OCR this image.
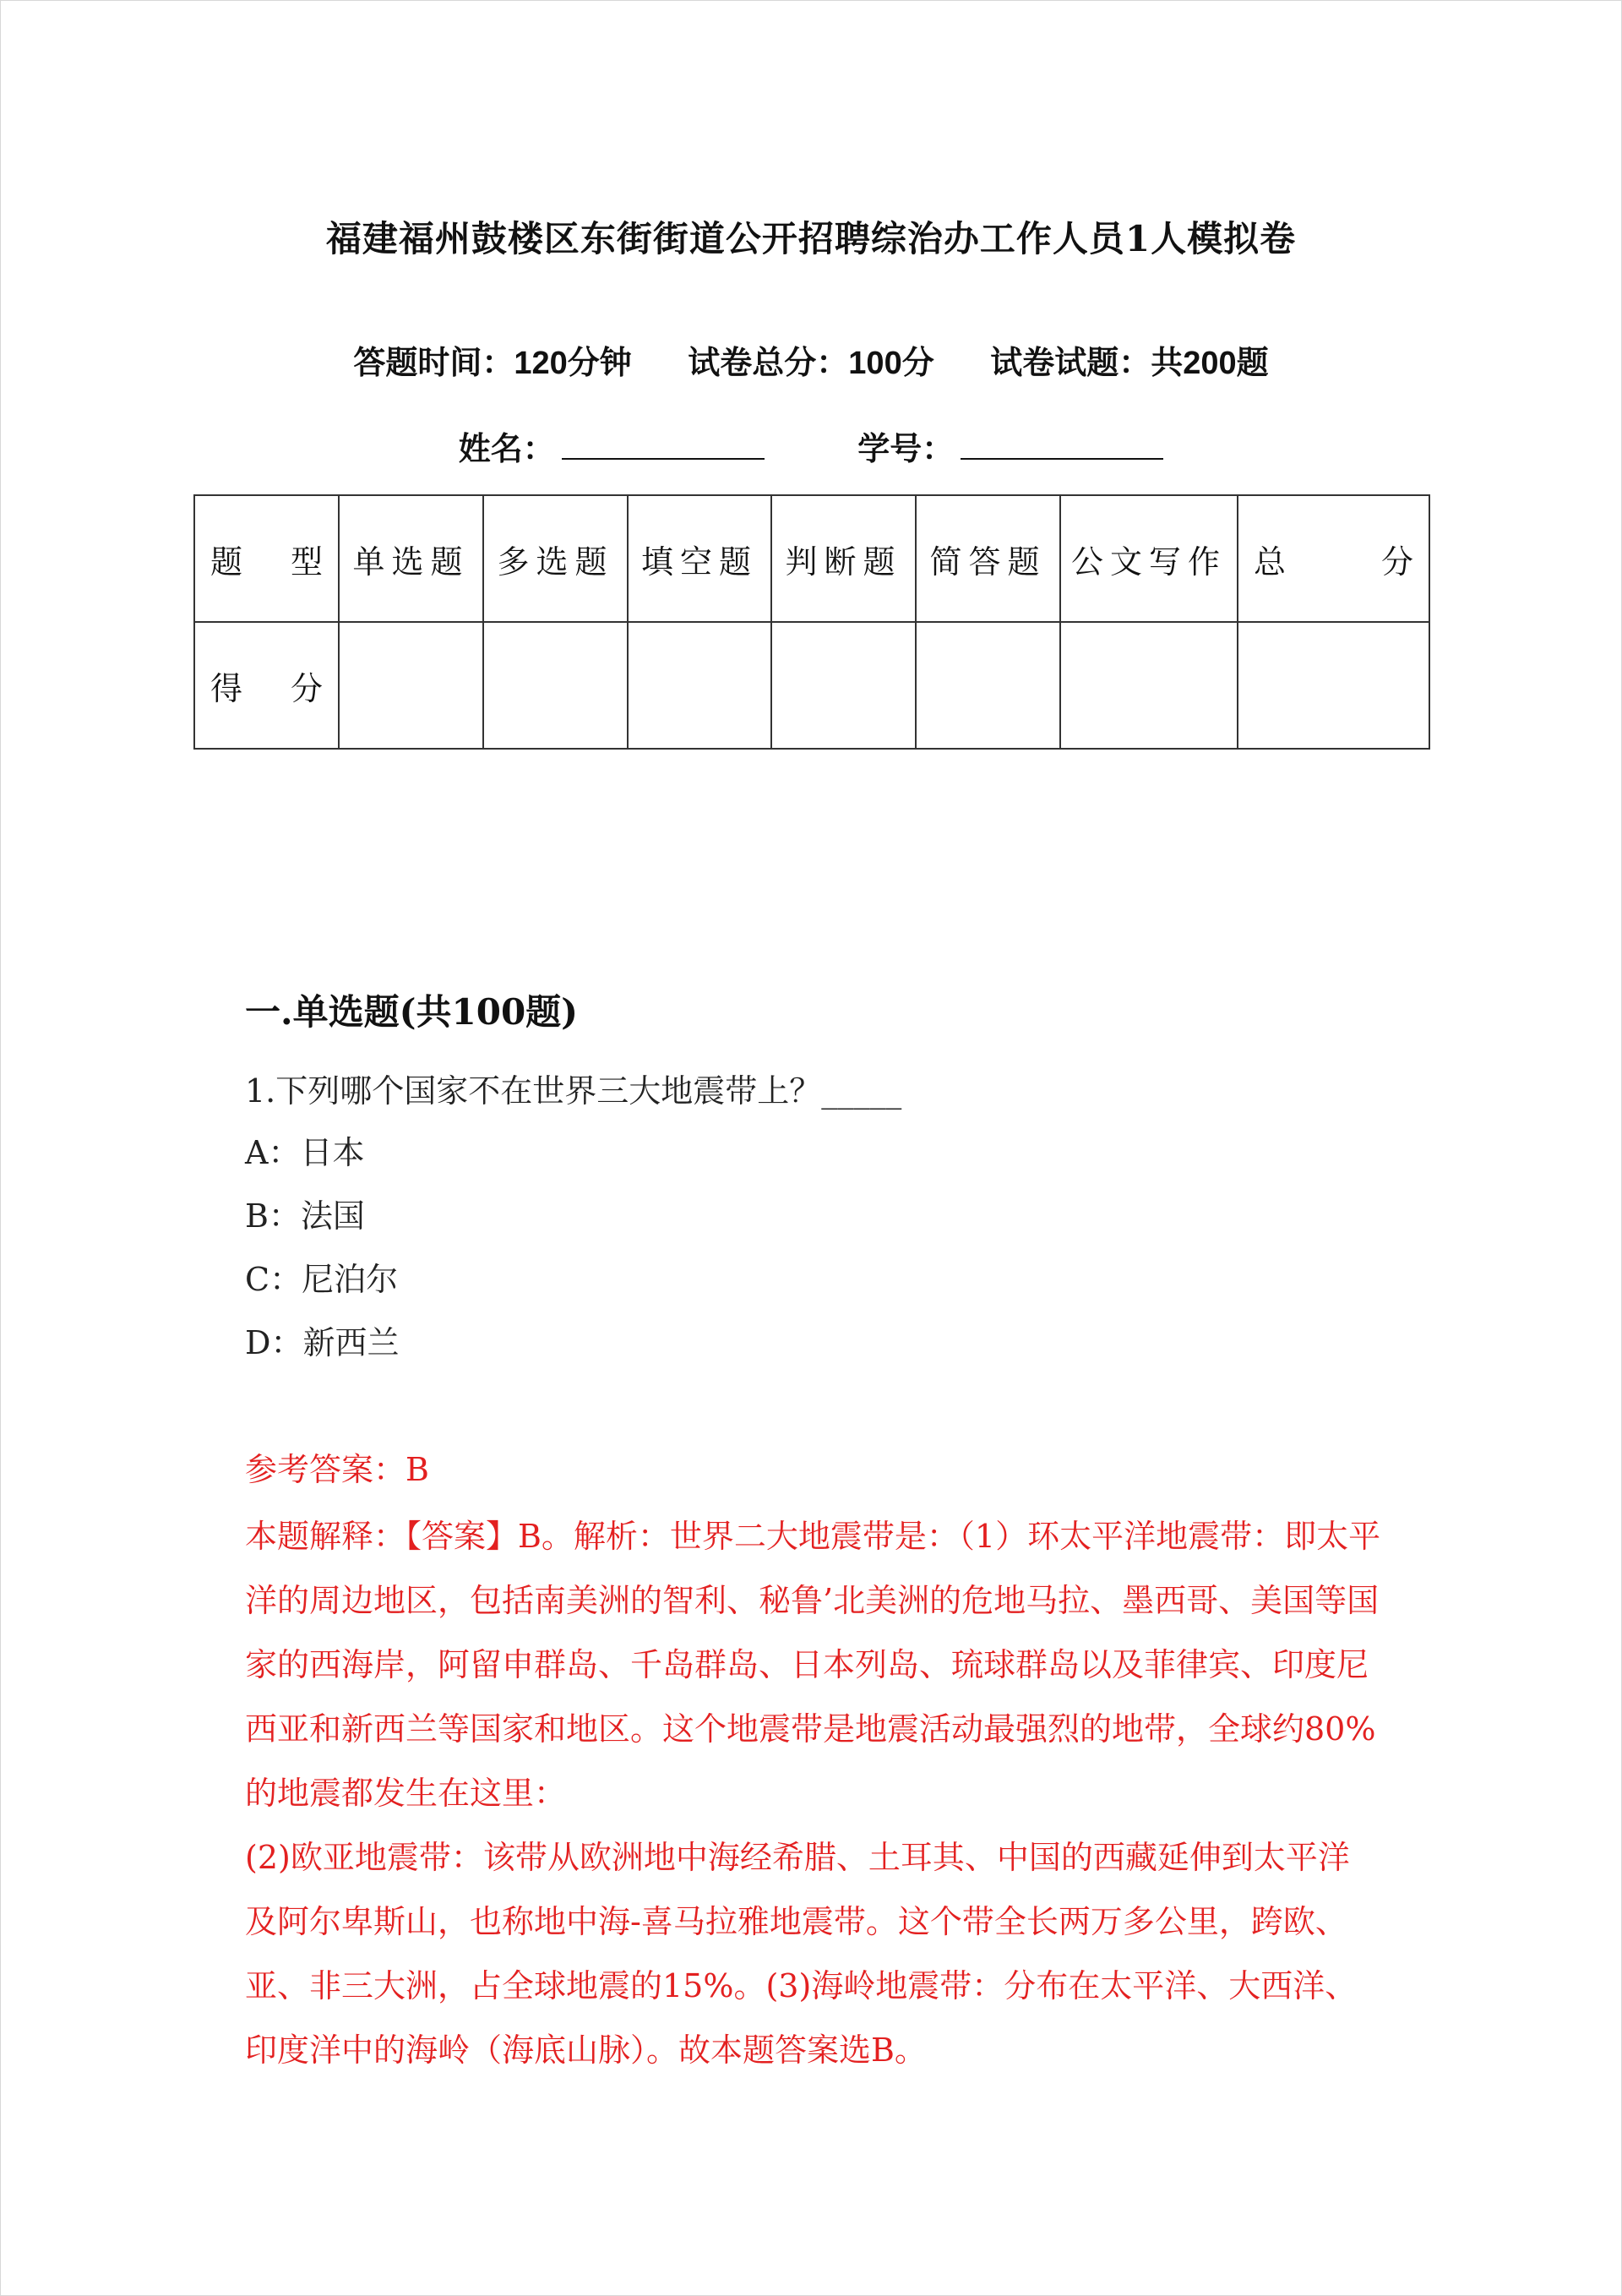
福建福州鼓楼区东街街道公开招聘综治办工作人员1人模拟卷
答题时间：120分钟 试卷总分：100分 试卷试题：共200题
姓名：	学号：
题　型	单选题	多选题	填空题	判断题	简答题	公文写作	总　分
得　分							
一.单选题(共100题)
1.下列哪个国家不在世界三大地震带上？_____
A：日本
B：法国
C：尼泊尔
D：新西兰
参考答案：B

本题解释：【答案】B。解析：世界二大地震带是：（1）环太平洋地震带：即太平洋的周边地区，包括南美洲的智利、秘鲁’北美洲的危地马拉、墨西哥、美国等国家的西海岸，阿留申群岛、千岛群岛、日本列岛、琉球群岛以及菲律宾、印度尼西亚和新西兰等国家和地区。这个地震带是地震活动最强烈的地带，全球约80%的地震都发生在这里：

(2)欧亚地震带：该带从欧洲地中海经希腊、土耳其、中国的西藏延伸到太平洋及阿尔卑斯山，也称地中海-喜马拉雅地震带。这个带全长两万多公里，跨欧、亚、非三大洲，占全球地震的15%。(3)海岭地震带：分布在太平洋、大西洋、印度洋中的海岭（海底山脉）。故本题答案选B。
